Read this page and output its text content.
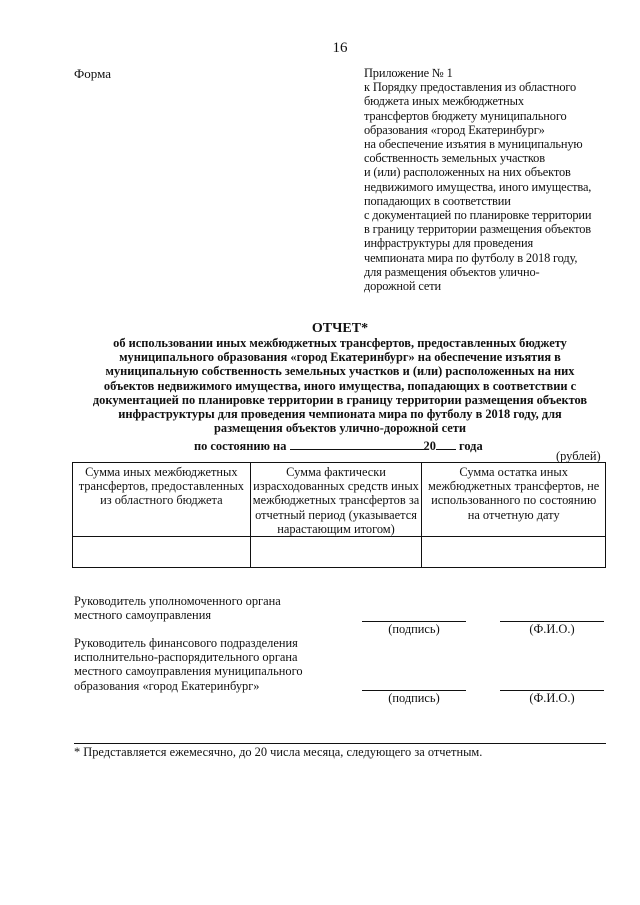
16
Форма	Приложение № 1
к Порядку предоставления из областного
бюджета иных межбюджетных
трансфертов бюджету муниципального
образования «город Екатеринбург»
на обеспечение изъятия в муниципальную
собственность земельных участков
и (или) расположенных на них объектов
недвижимого имущества, иного имущества,
попадающих в соответствии
с документацией по планировке территории
в границу территории размещения объектов
инфраструктуры для проведения
чемпионата мира по футболу в 2018 году,
для размещения объектов улично-
дорожной сети
ОТЧЕТ*
об использовании иных межбюджетных трансфертов, предоставленных бюджету
муниципального образования «город Екатеринбург» на обеспечение изъятия в
муниципальную собственность земельных участков и (или) расположенных на них
объектов недвижимого имущества, иного имущества, попадающих в соответствии с
документацией по планировке территории в границу территории размещения объектов
инфраструктуры для проведения чемпионата мира по футболу в 2018 году, для
размещения объектов улично-дорожной сети
по состоянию на	20 года
(рублей)
Сумма иных межбюджетных трансфертов, предоставленных из областного бюджета	Сумма фактически израсходованных средств иных межбюджетных трансфертов за отчетный период (указывается нарастающим итогом)	Сумма остатка иных межбюджетных трансфертов, не использованного по состоянию на отчетную дату

Руководитель уполномоченного органа
местного самоуправления
(подпись)	(Ф.И.О.)
Руководитель финансового подразделения
исполнительно-распорядительного органа
местного самоуправления муниципального
образования «город Екатеринбург»
(подпись)	(Ф.И.О.)
* Представляется ежемесячно, до 20 числа месяца, следующего за отчетным.
